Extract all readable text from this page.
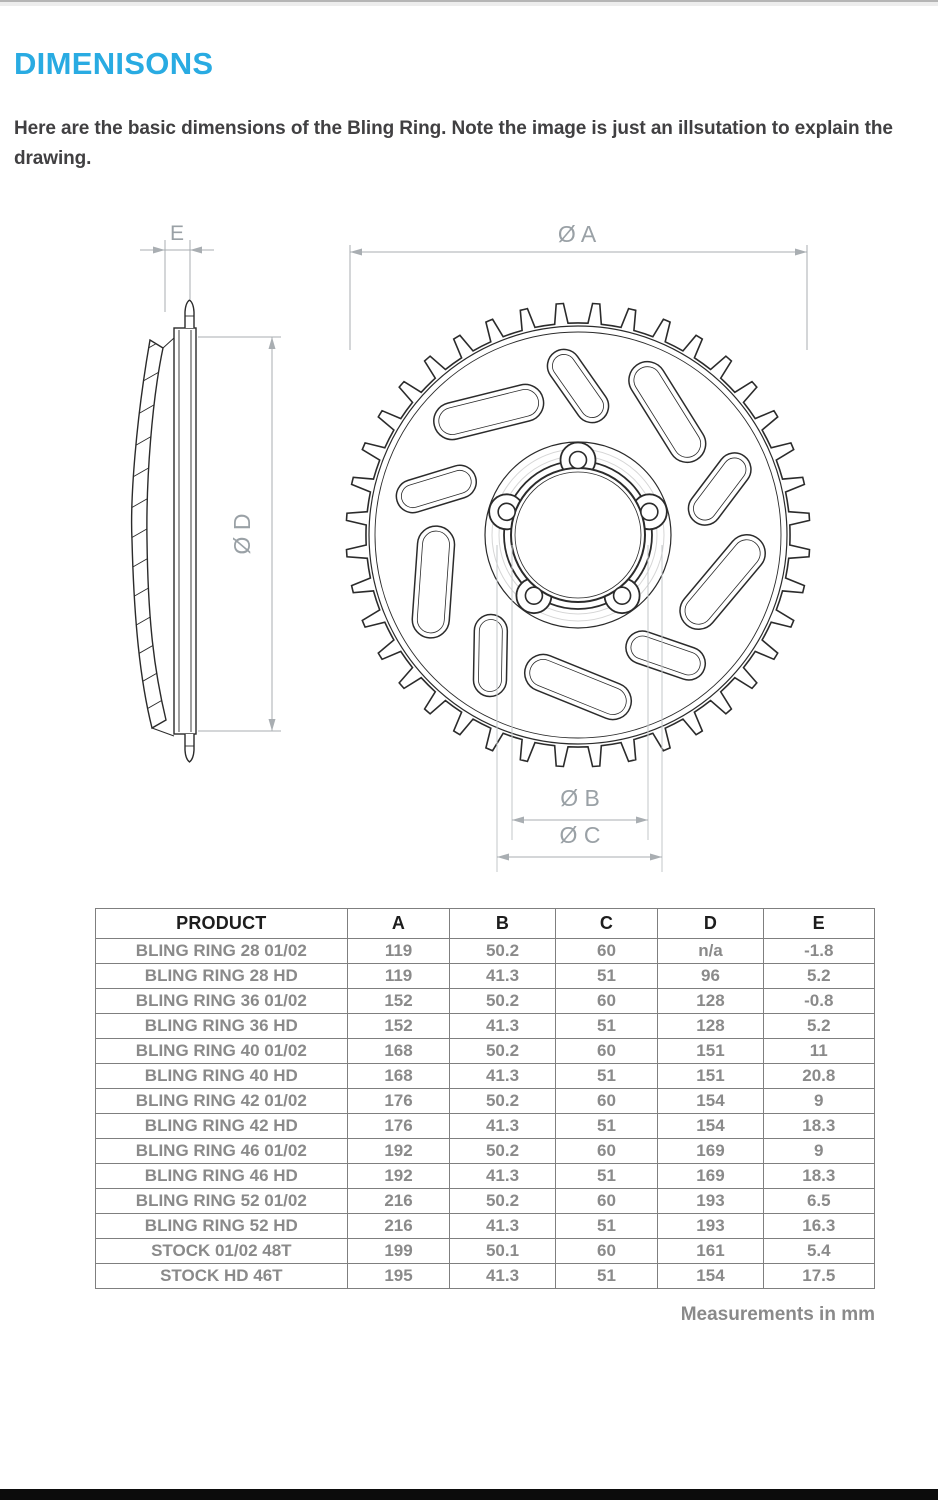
DIMENISONS

Here are the basic dimensions of the Bling Ring. Note the image is just an illsutation to explain the drawing.

E
Ø D
Ø A
Ø B
Ø C
PRODUCT	A	B	C	D	E
BLING RING 28 01/02	119	50.2	60	n/a	-1.8
BLING RING 28 HD	119	41.3	51	96	5.2
BLING RING 36 01/02	152	50.2	60	128	-0.8
BLING RING 36 HD	152	41.3	51	128	5.2
BLING RING 40 01/02	168	50.2	60	151	11
BLING RING 40 HD	168	41.3	51	151	20.8
BLING RING 42 01/02	176	50.2	60	154	9
BLING RING 42 HD	176	41.3	51	154	18.3
BLING RING 46 01/02	192	50.2	60	169	9
BLING RING 46 HD	192	41.3	51	169	18.3
BLING RING 52 01/02	216	50.2	60	193	6.5
BLING RING 52 HD	216	41.3	51	193	16.3
STOCK 01/02 48T	199	50.1	60	161	5.4
STOCK HD 46T	195	41.3	51	154	17.5

Measurements in mm
